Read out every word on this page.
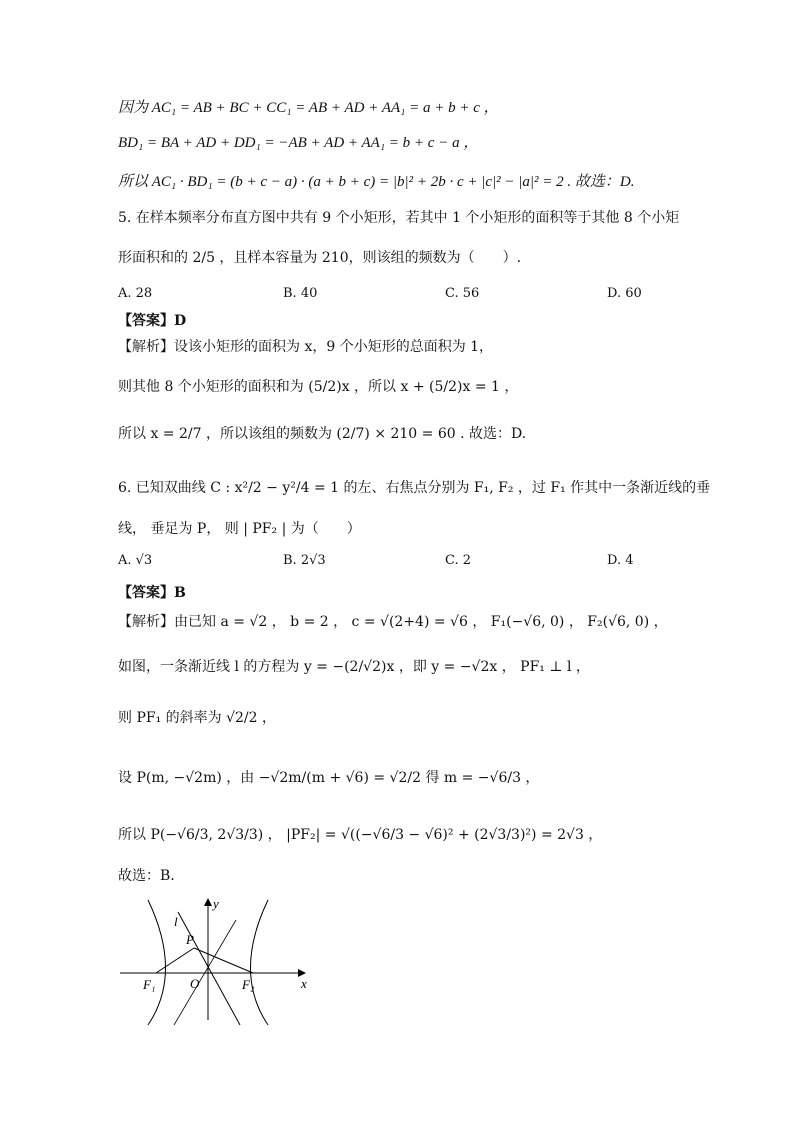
因为 AC₁ = AB + BC + CC₁ = AB + AD + AA₁ = a + b + c ，
BD₁ = BA + AD + DD₁ = −AB + AD + AA₁ = b + c − a ，
所以 AC₁ · BD₁ = (b + c − a) · (a + b + c) = |b|² + 2b · c + |c|² − |a|² = 2 . 故选：D.
5. 在样本频率分布直方图中共有 9 个小矩形，若其中 1 个小矩形的面积等于其他 8 个小矩
形面积和的 2/5 ，且样本容量为 210，则该组的频数为（　　）.
A. 28	B. 40	C. 56	D. 60
【答案】D
【解析】设该小矩形的面积为 x，9 个小矩形的总面积为 1，
则其他 8 个小矩形的面积和为 (5/2)x ，所以 x + (5/2)x = 1 ，
所以 x = 2/7 ，所以该组的频数为 (2/7) × 210 = 60 . 故选：D.
6. 已知双曲线 C : x²/2 − y²/4 = 1 的左、右焦点分别为 F₁, F₂ ，过 F₁ 作其中一条渐近线的垂
线， 垂足为 P， 则 | PF₂ | 为（　　）
A. √3	B. 2√3	C. 2	D. 4
【答案】B
【解析】由已知 a = √2 ， b = 2 ， c = √(2+4) = √6 ， F₁(−√6, 0) ， F₂(√6, 0) ，
如图，一条渐近线 l 的方程为 y = −(2/√2)x ，即 y = −√2x ， PF₁ ⊥ l ，
则 PF₁ 的斜率为 √2/2 ，
设 P(m, −√2m) ，由 −√2m/(m + √6) = √2/2 得 m = −√6/3 ，
所以 P(−√6/3, 2√3/3) ， |PF₂| = √((−√6/3 − √6)² + (2√3/3)²) = 2√3 ，
故选：B.
y
x
l
P
O
F₁	F₂
